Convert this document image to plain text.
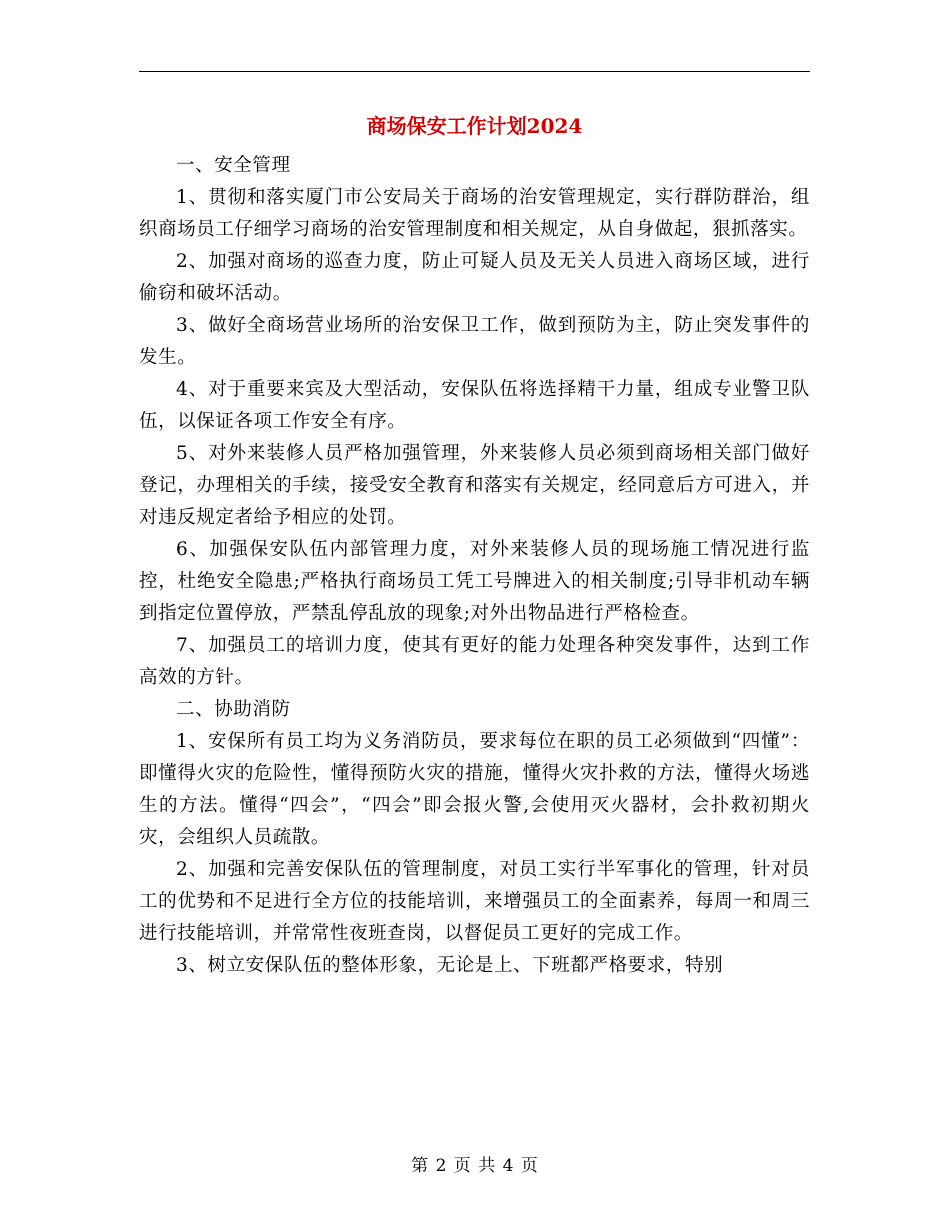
商场保安工作计划2024

一、安全管理

1、贯彻和落实厦门市公安局关于商场的治安管理规定，实行群防群治，组织商场员工仔细学习商场的治安管理制度和相关规定，从自身做起，狠抓落实。

2、加强对商场的巡查力度，防止可疑人员及无关人员进入商场区域，进行偷窃和破坏活动。

3、做好全商场营业场所的治安保卫工作，做到预防为主，防止突发事件的发生。

4、对于重要来宾及大型活动，安保队伍将选择精干力量，组成专业警卫队伍，以保证各项工作安全有序。

5、对外来装修人员严格加强管理，外来装修人员必须到商场相关部门做好登记，办理相关的手续，接受安全教育和落实有关规定，经同意后方可进入，并对违反规定者给予相应的处罚。

6、加强保安队伍内部管理力度，对外来装修人员的现场施工情况进行监控，杜绝安全隐患;严格执行商场员工凭工号牌进入的相关制度;引导非机动车辆到指定位置停放，严禁乱停乱放的现象;对外出物品进行严格检查。

7、加强员工的培训力度，使其有更好的能力处理各种突发事件，达到工作高效的方针。

二、协助消防

1、安保所有员工均为义务消防员，要求每位在职的员工必须做到“四懂”：即懂得火灾的危险性，懂得预防火灾的措施，懂得火灾扑救的方法，懂得火场逃生的方法。懂得“四会”，“四会”即会报火警,会使用灭火器材，会扑救初期火灾，会组织人员疏散。

2、加强和完善安保队伍的管理制度，对员工实行半军事化的管理，针对员工的优势和不足进行全方位的技能培训，来增强员工的全面素养，每周一和周三进行技能培训，并常常性夜班查岗，以督促员工更好的完成工作。

3、树立安保队伍的整体形象，无论是上、下班都严格要求，特别

第 2 页 共 4 页
